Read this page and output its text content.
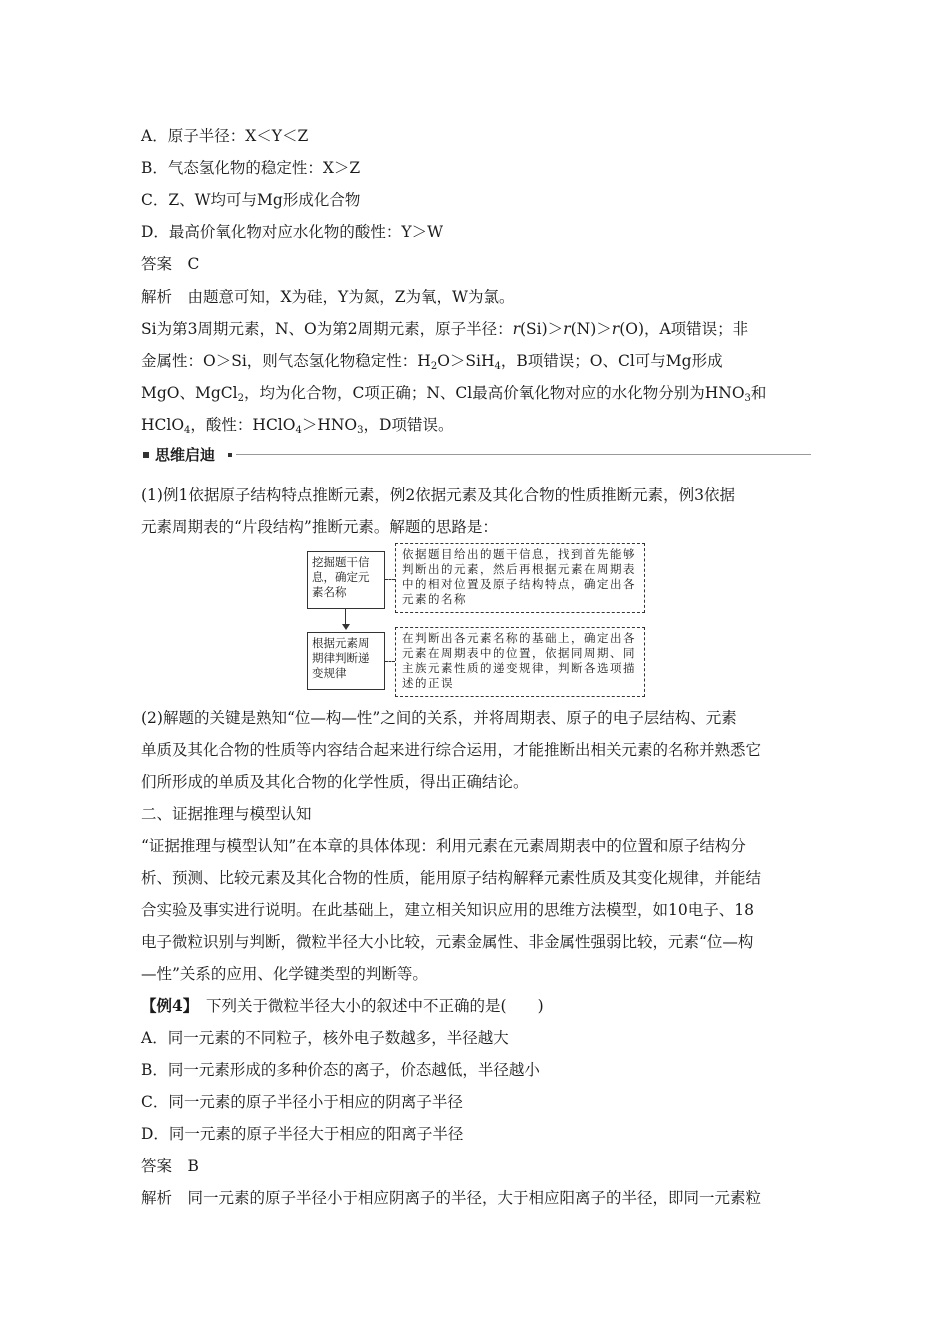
A．原子半径：X＜Y＜Z
B．气态氢化物的稳定性：X＞Z
C．Z、W均可与Mg形成化合物
D．最高价氧化物对应水化物的酸性：Y＞W
答案　C
解析　由题意可知，X为硅，Y为氮，Z为氧，W为氯。
Si为第3周期元素，N、O为第2周期元素，原子半径：r(Si)＞r(N)＞r(O)，A项错误；非
金属性：O＞Si，则气态氢化物稳定性：$H_2O>SiH_4$，B项错误；O、Cl可与Mg形成
MgO、MgCl$_2$，均为化合物，C项正确；N、Cl最高价氧化物对应的水化物分别为$HNO_3$和
HClO$_4$，酸性：$HClO_4>HNO_3$，D项错误。
思维启迪
(1)例1依据原子结构特点推断元素，例2依据元素及其化合物的性质推断元素，例3依据
元素周期表的“片段结构”推断元素。解题的思路是：
挖掘题干信
息，确定元
素名称
依据题目给出的题干信息，找到首先能够
判断出的元素，然后再根据元素在周期表
中的相对位置及原子结构特点，确定出各
元素的名称
根据元素周
期律判断递
变规律
在判断出各元素名称的基础上，确定出各
元素在周期表中的位置，依据同周期、同
主族元素性质的递变规律，判断各选项描
述的正误
(2)解题的关键是熟知“位—构—性”之间的关系，并将周期表、原子的电子层结构、元素
单质及其化合物的性质等内容结合起来进行综合运用，才能推断出相关元素的名称并熟悉它
们所形成的单质及其化合物的化学性质，得出正确结论。
二、证据推理与模型认知
“证据推理与模型认知”在本章的具体体现：利用元素在元素周期表中的位置和原子结构分
析、预测、比较元素及其化合物的性质，能用原子结构解释元素性质及其变化规律，并能结
合实验及事实进行说明。在此基础上，建立相关知识应用的思维方法模型，如10电子、18
电子微粒识别与判断，微粒半径大小比较，元素金属性、非金属性强弱比较，元素“位—构
—性”关系的应用、化学键类型的判断等。
【例4】　下列关于微粒半径大小的叙述中不正确的是(　　)
A．同一元素的不同粒子，核外电子数越多，半径越大
B．同一元素形成的多种价态的离子，价态越低，半径越小
C．同一元素的原子半径小于相应的阴离子半径
D．同一元素的原子半径大于相应的阳离子半径
答案　B
解析　同一元素的原子半径小于相应阴离子的半径，大于相应阳离子的半径，即同一元素粒
